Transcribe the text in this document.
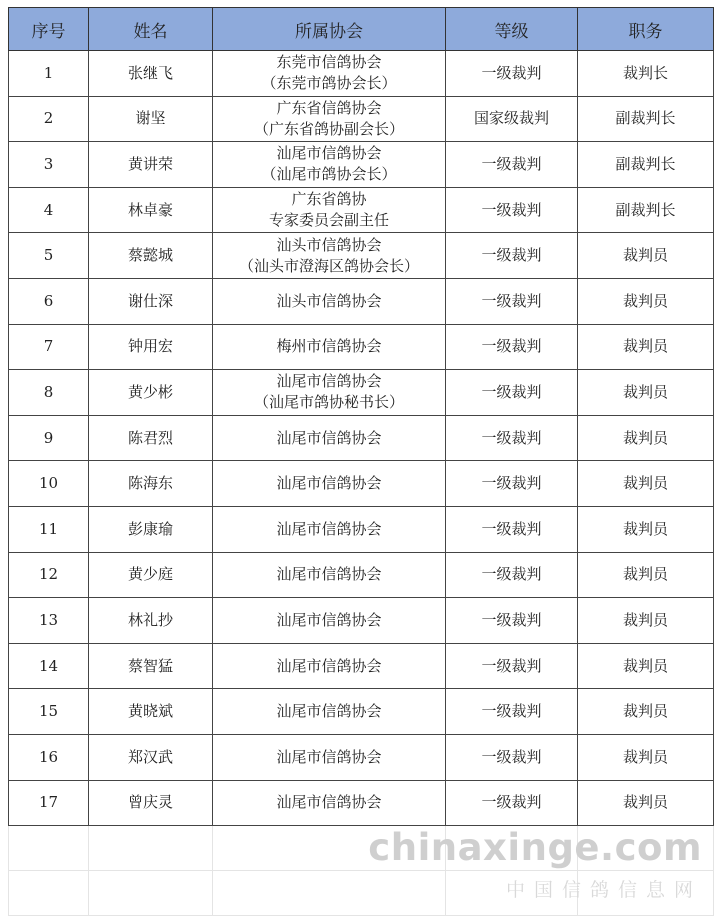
序号	姓名	所属协会	等级	职务
1	张继飞	东莞市信鸽协会
（东莞市鸽协会长）	一级裁判	裁判长
2	谢坚	广东省信鸽协会
（广东省鸽协副会长）	国家级裁判	副裁判长
3	黄讲荣	汕尾市信鸽协会
（汕尾市鸽协会长）	一级裁判	副裁判长
4	林卓豪	广东省鸽协
专家委员会副主任	一级裁判	副裁判长
5	蔡懿城	汕头市信鸽协会
（汕头市澄海区鸽协会长）	一级裁判	裁判员
6	谢仕深	汕头市信鸽协会	一级裁判	裁判员
7	钟用宏	梅州市信鸽协会	一级裁判	裁判员
8	黄少彬	汕尾市信鸽协会
（汕尾市鸽协秘书长）	一级裁判	裁判员
9	陈君烈	汕尾市信鸽协会	一级裁判	裁判员
10	陈海东	汕尾市信鸽协会	一级裁判	裁判员
11	彭康瑜	汕尾市信鸽协会	一级裁判	裁判员
12	黄少庭	汕尾市信鸽协会	一级裁判	裁判员
13	林礼抄	汕尾市信鸽协会	一级裁判	裁判员
14	蔡智猛	汕尾市信鸽协会	一级裁判	裁判员
15	黄晓斌	汕尾市信鸽协会	一级裁判	裁判员
16	郑汉武	汕尾市信鸽协会	一级裁判	裁判员
17	曾庆灵	汕尾市信鸽协会	一级裁判	裁判员

chinaxinge.com
中国信鸽信息网
